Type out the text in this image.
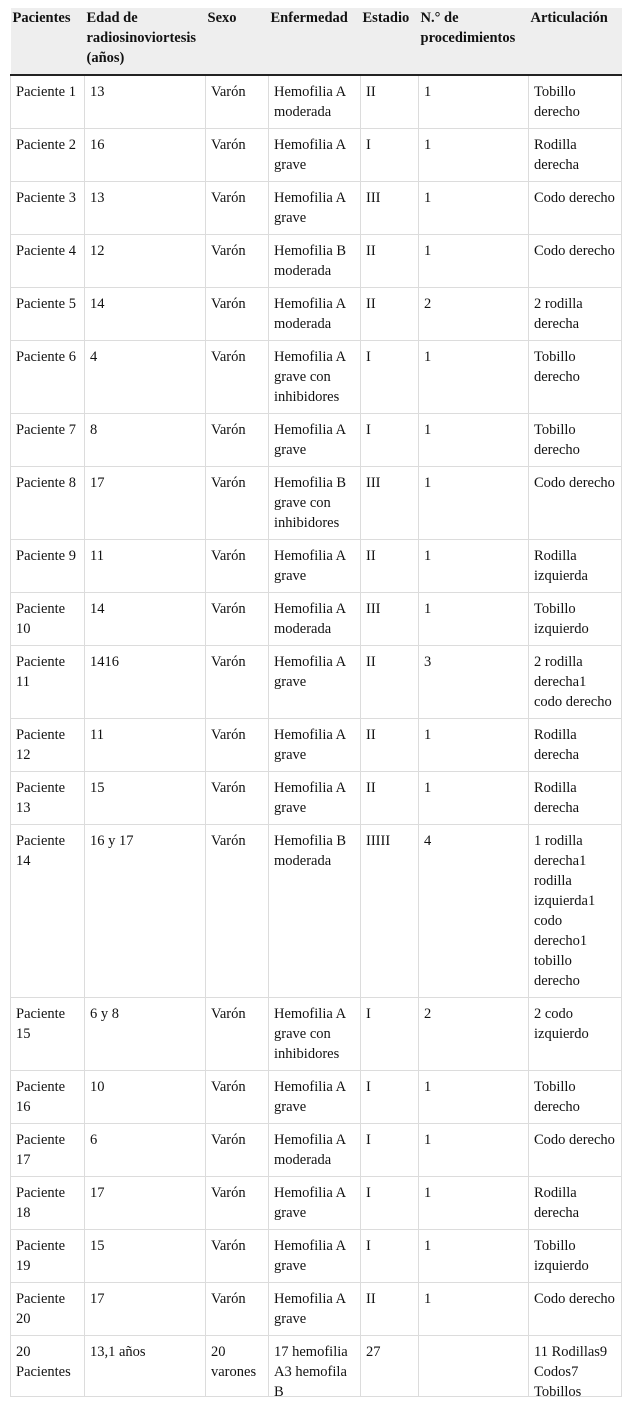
Pacientes	Edad de radiosinoviortesis (años)	Sexo	Enfermedad	Estadio	N.° de procedimientos	Articulación
Paciente 1	13	Varón	Hemofilia A moderada	II	1	Tobillo derecho
Paciente 2	16	Varón	Hemofilia A grave	I	1	Rodilla derecha
Paciente 3	13	Varón	Hemofilia A grave	III	1	Codo derecho
Paciente 4	12	Varón	Hemofilia B moderada	II	1	Codo derecho
Paciente 5	14	Varón	Hemofilia A moderada	II	2	2 rodilla derecha
Paciente 6	4	Varón	Hemofilia A grave con inhibidores	I	1	Tobillo derecho
Paciente 7	8	Varón	Hemofilia A grave	I	1	Tobillo derecho
Paciente 8	17	Varón	Hemofilia B grave con inhibidores	III	1	Codo derecho
Paciente 9	11	Varón	Hemofilia A grave	II	1	Rodilla izquierda
Paciente 10	14	Varón	Hemofilia A moderada	III	1	Tobillo izquierdo
Paciente 11	1416	Varón	Hemofilia A grave	II	3	2 rodilla derecha1 codo derecho
Paciente 12	11	Varón	Hemofilia A grave	II	1	Rodilla derecha
Paciente 13	15	Varón	Hemofilia A grave	II	1	Rodilla derecha
Paciente 14	16 y 17	Varón	Hemofilia B moderada	IIIII	4	1 rodilla derecha1 rodilla izquierda1 codo derecho1 tobillo derecho
Paciente 15	6 y 8	Varón	Hemofilia A grave con inhibidores	I	2	2 codo izquierdo
Paciente 16	10	Varón	Hemofilia A grave	I	1	Tobillo derecho
Paciente 17	6	Varón	Hemofilia A moderada	I	1	Codo derecho
Paciente 18	17	Varón	Hemofilia A grave	I	1	Rodilla derecha
Paciente 19	15	Varón	Hemofilia A grave	I	1	Tobillo izquierdo
Paciente 20	17	Varón	Hemofilia A grave	II	1	Codo derecho

20 Pacientes	13,1 años	20 varones	17 hemofilia A3 hemofila B	27		11 Rodillas9 Codos7 Tobillos
